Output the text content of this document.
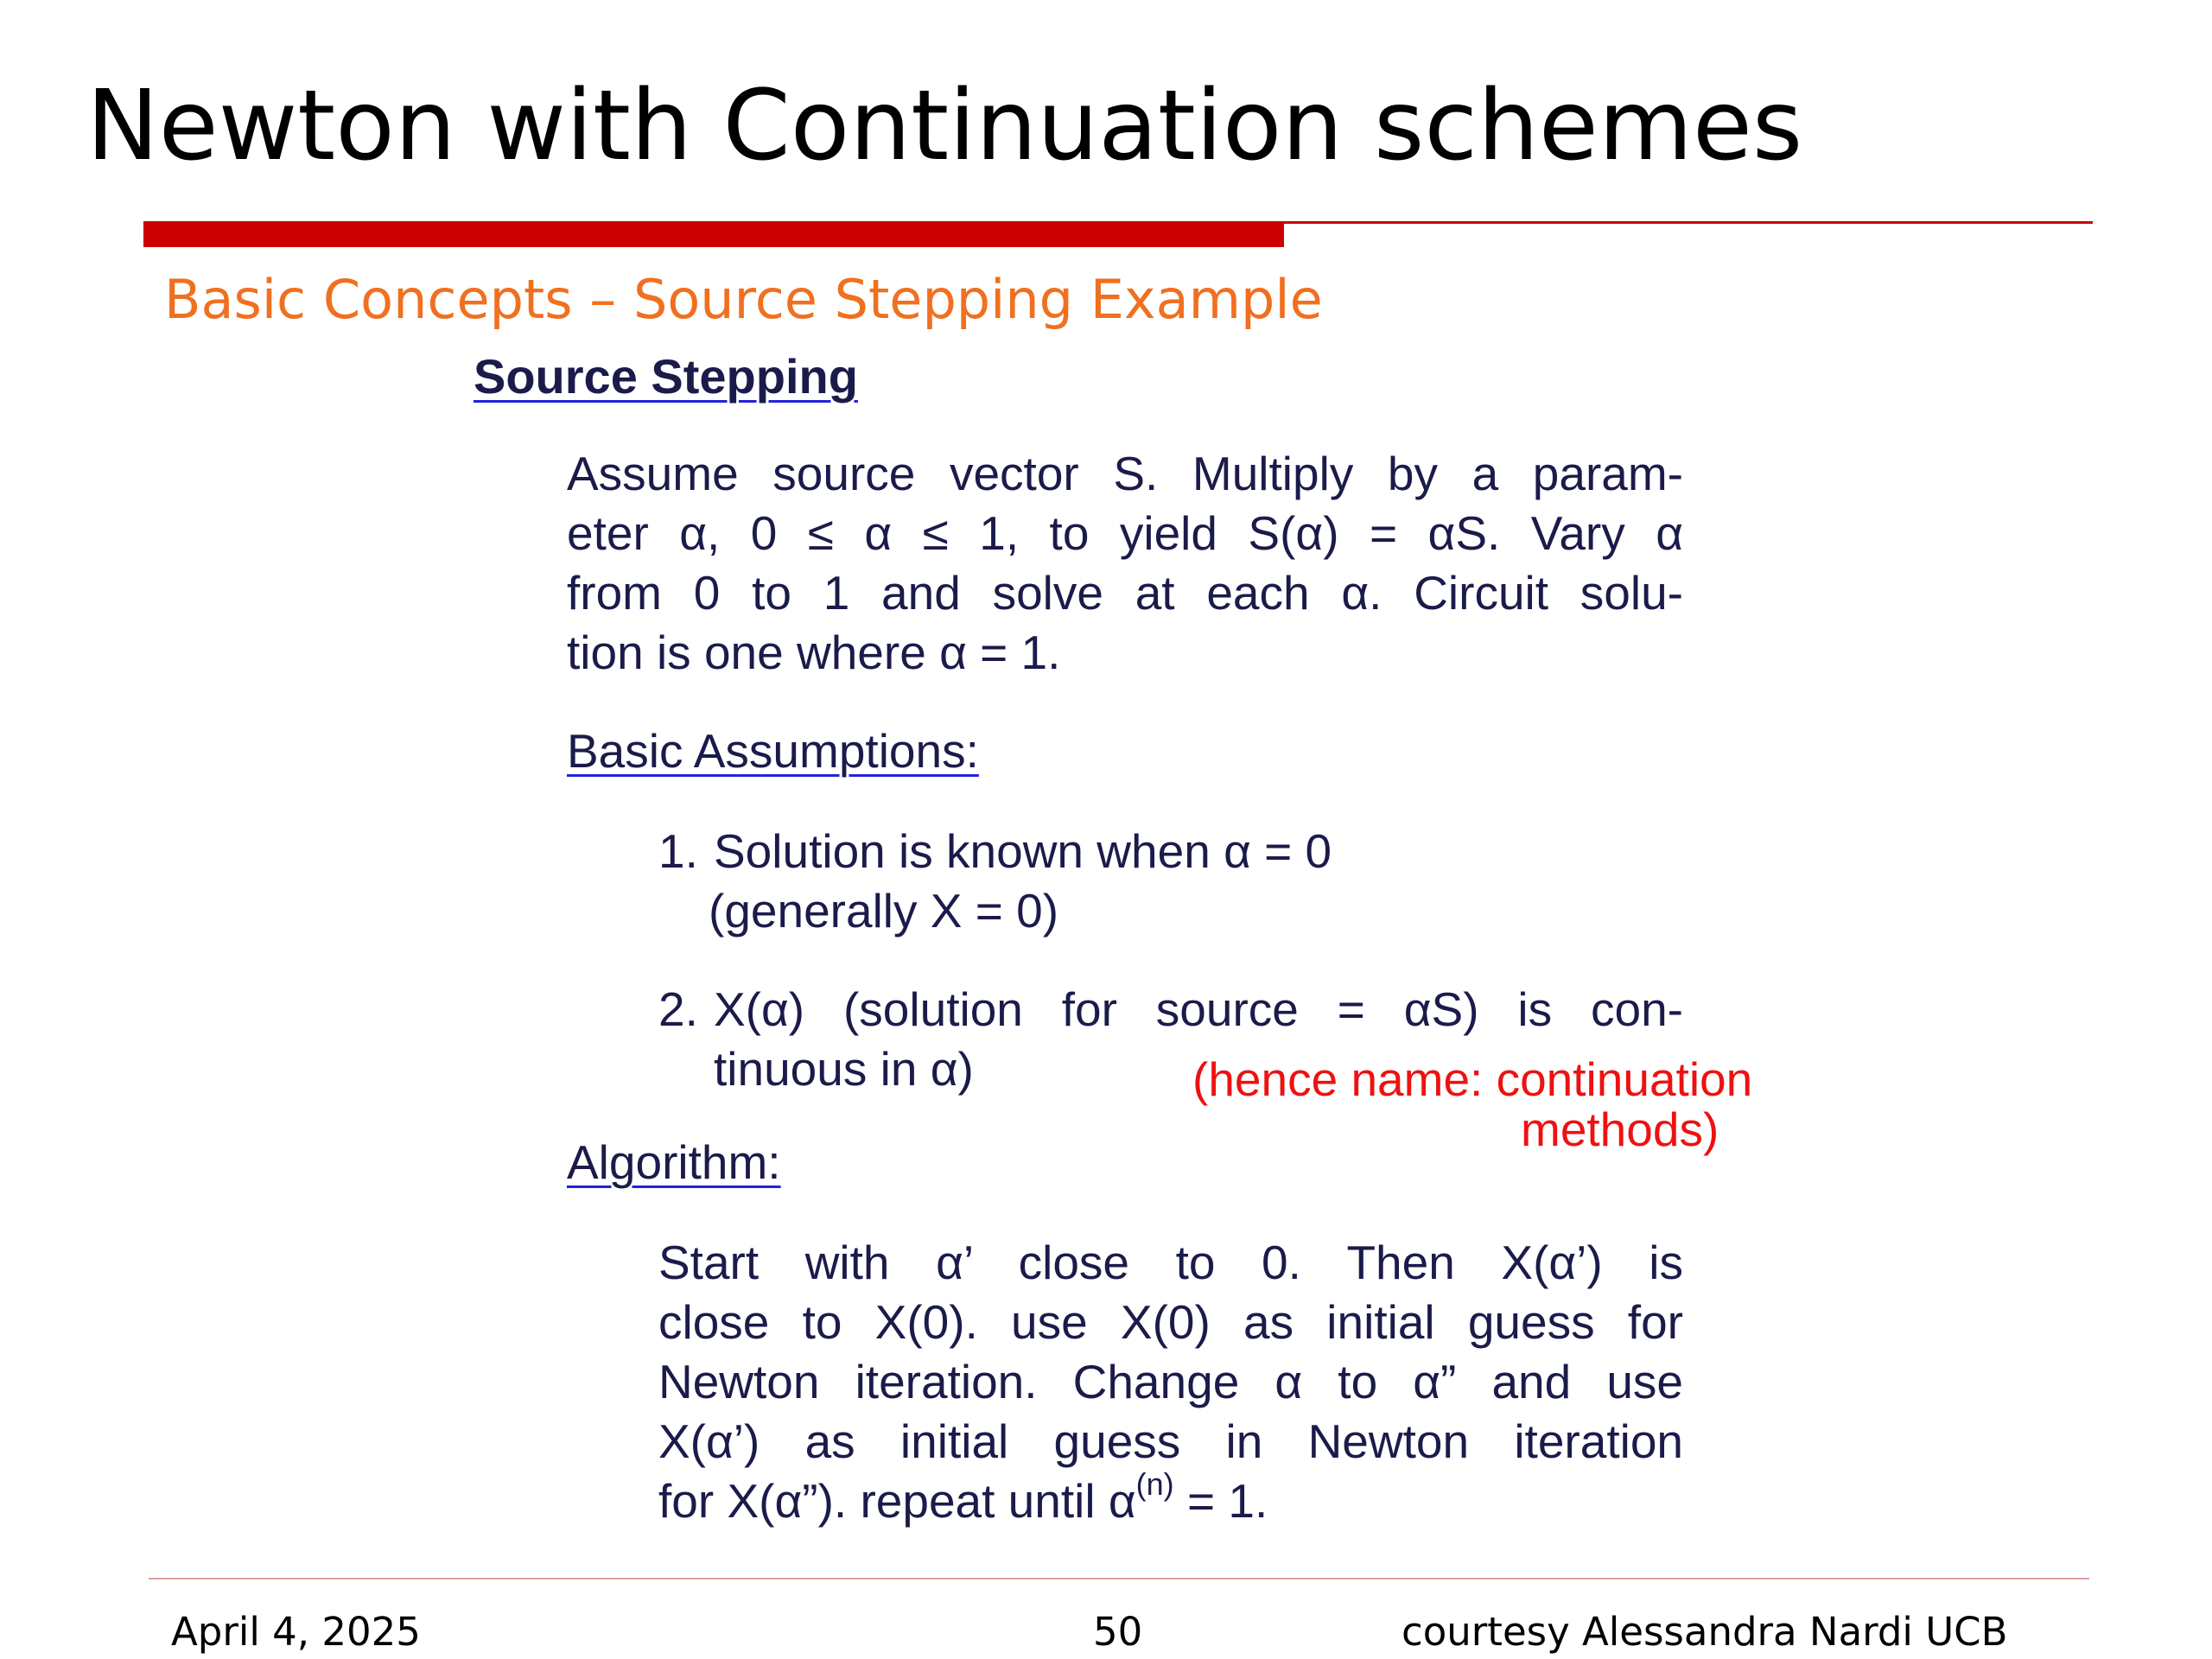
Newton with Continuation schemes
Basic Concepts – Source Stepping Example
Source Stepping
Assume source vector S. Multiply by a param-
eter α, 0 ≤ α ≤ 1, to yield S(α) = αS. Vary α
from 0 to 1 and solve at each α. Circuit solu-
tion is one where α = 1.
Basic Assumptions:
1. Solution is known when α = 0
(generally X = 0)
2. X(α) (solution for source = αS) is con-
tinuous in α)	(hence name: continuation
methods)
Algorithm:
Start with α’ close to 0. Then X(α’) is
close to X(0). use X(0) as initial guess for
Newton iteration. Change α to α” and use
X(α’) as initial guess in Newton iteration
for X(α”). repeat until $\alpha^{(n)} = 1$.
April 4, 2025	50	courtesy Alessandra Nardi UCB
